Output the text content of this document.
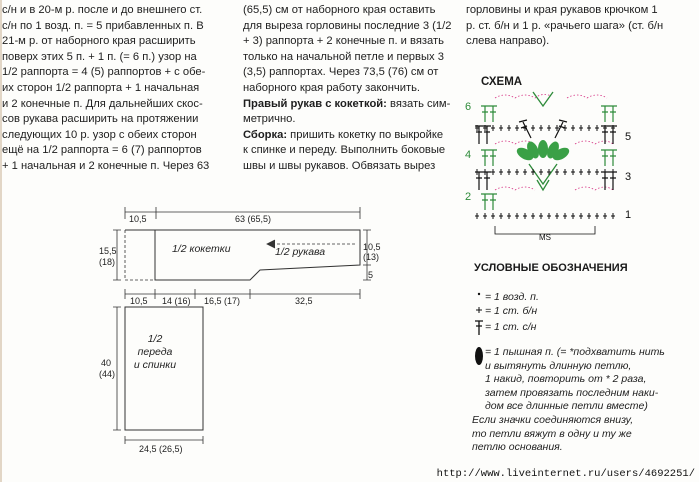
с/н и в 20-м р. после и до внешнего ст.
с/н по 1 возд. п. = 5 прибавленных п. В
21-м р. от наборного края расширить
поверх этих 5 п. + 1 п. (= 6 п.) узор на
1/2 раппорта = 4 (5) раппортов + с обе-
их сторон 1/2 раппорта + 1 начальная
и 2 конечные п. Для дальнейших скос-
сов рукава расширить на протяжении
следующих 10 р. узор с обеих сторон
ещё на 1/2 раппорта = 6 (7) раппортов
+ 1 начальная и 2 конечные п. Через 63
(65,5) см от наборного края оставить
для выреза горловины последние 3 (1/2
+ 3) раппорта + 2 конечные п. и вязать
только на начальной петле и первых 3
(3,5) раппортах. Через 73,5 (76) см от
наборного края работу закончить.
Правый рукав с кокеткой: вязать сим-
метрично.
Сборка: пришить кокетку по выкройке
к спинке и переду. Выполнить боковые
швы и швы рукавов. Обвязать вырез
горловины и края рукавов крючком 1
р. ст. б/н и 1 р. «рачьего шага» (ст. б/н
слева направо).
СХЕМА
6
4
2
5
3
1
MS
УСЛОВНЫЕ ОБОЗНАЧЕНИЯ
= 1 возд. п.
= 1 ст. б/н
= 1 ст. с/н
= 1 пышная п. (= *подхватить нить
и вытянуть длинную петлю,
1 накид, повторить от * 2 раза,
затем провязать последним наки-
дом все длинные петли вместе)
Если значки соединяются внизу,
то петли вяжут в одну и ту же
петлю основания.
10,5	63 (65,5)
15,5
(18)
10,5
(13)
5
10,5 14 (16) 16,5 (17)	32,5
40
(44)
24,5 (26,5)
1/2 кокетки	1/2 рукава
1/2
переда
и спинки
http://www.liveinternet.ru/users/4692251/
